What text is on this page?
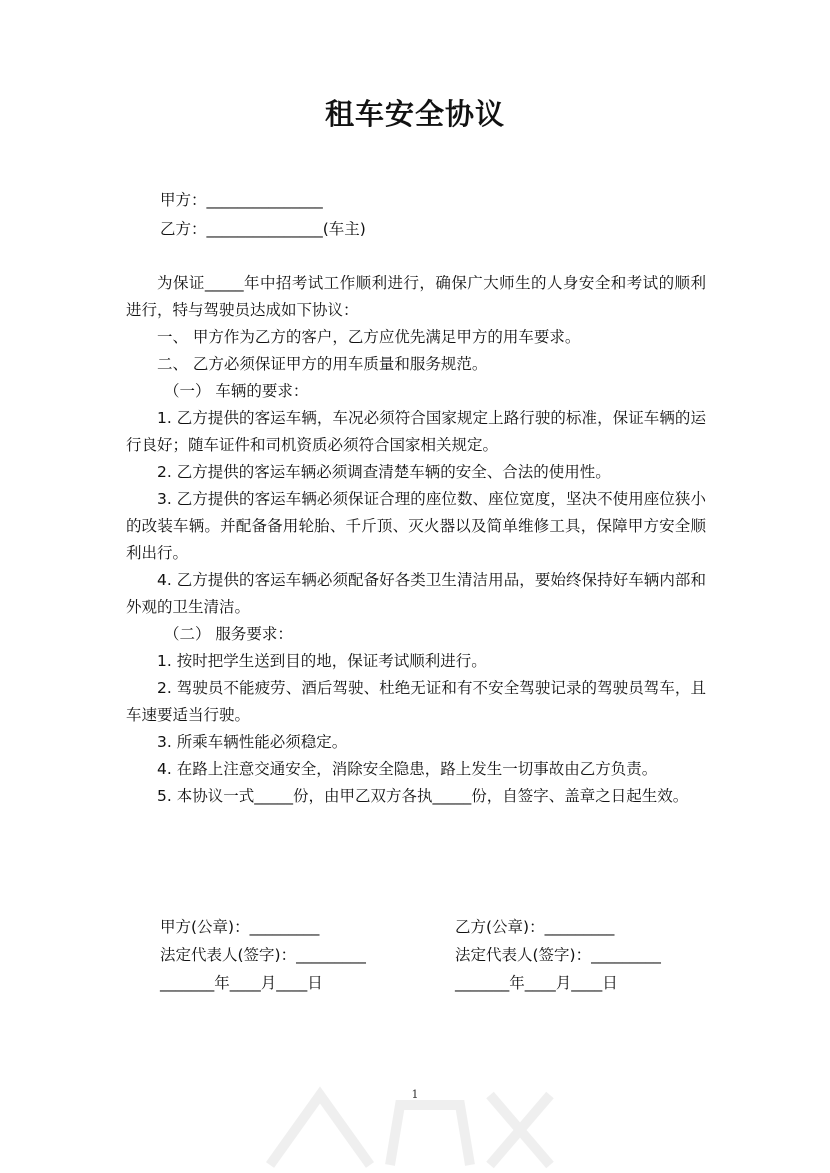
租车安全协议
甲方：_______________
乙方：_______________(车主)

为保证_____年中招考试工作顺利进行，确保广大师生的人身安全和考试的顺利进行，特与驾驶员达成如下协议：

一、 甲方作为乙方的客户，乙方应优先满足甲方的用车要求。

二、 乙方必须保证甲方的用车质量和服务规范。

（一） 车辆的要求：

1. 乙方提供的客运车辆，车况必须符合国家规定上路行驶的标准，保证车辆的运行良好；随车证件和司机资质必须符合国家相关规定。

2. 乙方提供的客运车辆必须调查清楚车辆的安全、合法的使用性。

3. 乙方提供的客运车辆必须保证合理的座位数、座位宽度，坚决不使用座位狭小的改装车辆。并配备备用轮胎、千斤顶、灭火器以及简单维修工具，保障甲方安全顺利出行。

4. 乙方提供的客运车辆必须配备好各类卫生清洁用品，要始终保持好车辆内部和外观的卫生清洁。

（二） 服务要求：

1. 按时把学生送到目的地，保证考试顺利进行。

2. 驾驶员不能疲劳、酒后驾驶、杜绝无证和有不安全驾驶记录的驾驶员驾车，且车速要适当行驶。

3. 所乘车辆性能必须稳定。

4. 在路上注意交通安全，消除安全隐患，路上发生一切事故由乙方负责。

5. 本协议一式_____份，由甲乙双方各执_____份，自签字、盖章之日起生效。

甲方(公章)：_________
法定代表人(签字)：_________
_______年____月____日
乙方(公章)：_________
法定代表人(签字)：_________
_______年____月____日
1
